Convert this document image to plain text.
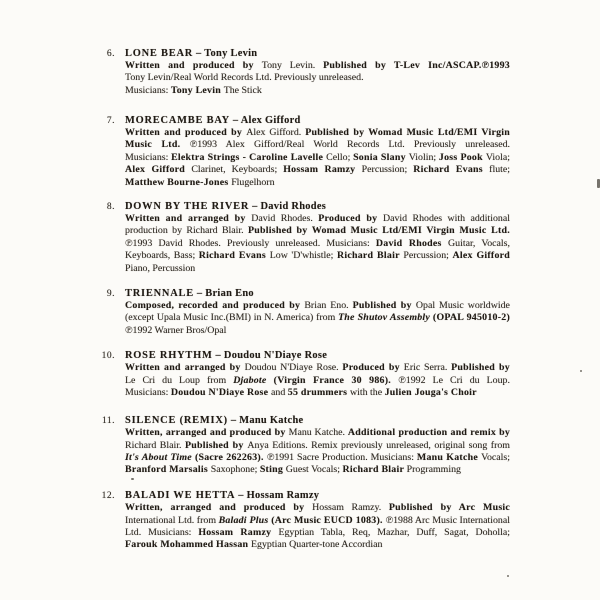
6. LONE BEAR – Tony Levin
Written and produced by Tony Levin. Published by T-Lev Inc/ASCAP.℗1993
Tony Levin/Real World Records Ltd. Previously unreleased.
Musicians: Tony Levin The Stick
7. MORECAMBE BAY – Alex Gifford
Written and produced by Alex Gifford. Published by Womad Music Ltd/EMI Virgin
Music Ltd. ℗1993 Alex Gifford/Real World Records Ltd. Previously unreleased.
Musicians: Elektra Strings - Caroline Lavelle Cello; Sonia Slany Violin; Joss Pook Viola;
Alex Gifford Clarinet, Keyboards; Hossam Ramzy Percussion; Richard Evans flute;
Matthew Bourne-Jones Flugelhorn
8. DOWN BY THE RIVER – David Rhodes
Written and arranged by David Rhodes. Produced by David Rhodes with additional
production by Richard Blair. Published by Womad Music Ltd/EMI Virgin Music Ltd.
℗1993 David Rhodes. Previously unreleased. Musicians: David Rhodes Guitar, Vocals,
Keyboards, Bass; Richard Evans Low 'D'whistle; Richard Blair Percussion; Alex Gifford
Piano, Percussion
9. TRIENNALE – Brian Eno
Composed, recorded and produced by Brian Eno. Published by Opal Music worldwide
(except Upala Music Inc.(BMI) in N. America) from The Shutov Assembly (OPAL 945010-2)
℗1992 Warner Bros/Opal
10. ROSE RHYTHM – Doudou N'Diaye Rose
Written and arranged by Doudou N'Diaye Rose. Produced by Eric Serra. Published by
Le Cri du Loup from Djabote (Virgin France 30 986). ℗1992 Le Cri du Loup.
Musicians: Doudou N'Diaye Rose and 55 drummers with the Julien Jouga's Choir
11. SILENCE (REMIX) – Manu Katche
Written, arranged and produced by Manu Katche. Additional production and remix by
Richard Blair. Published by Anya Editions. Remix previously unreleased, original song from
It's About Time (Sacre 262263). ℗1991 Sacre Production. Musicians: Manu Katche Vocals;
Branford Marsalis Saxophone; Sting Guest Vocals; Richard Blair Programming
12. BALADI WE HETTA – Hossam Ramzy
Written, arranged and produced by Hossam Ramzy. Published by Arc Music
International Ltd. from Baladi Plus (Arc Music EUCD 1083). ℗1988 Arc Music International
Ltd. Musicians: Hossam Ramzy Egyptian Tabla, Req, Mazhar, Duff, Sagat, Doholla;
Farouk Mohammed Hassan Egyptian Quarter-tone Accordian
